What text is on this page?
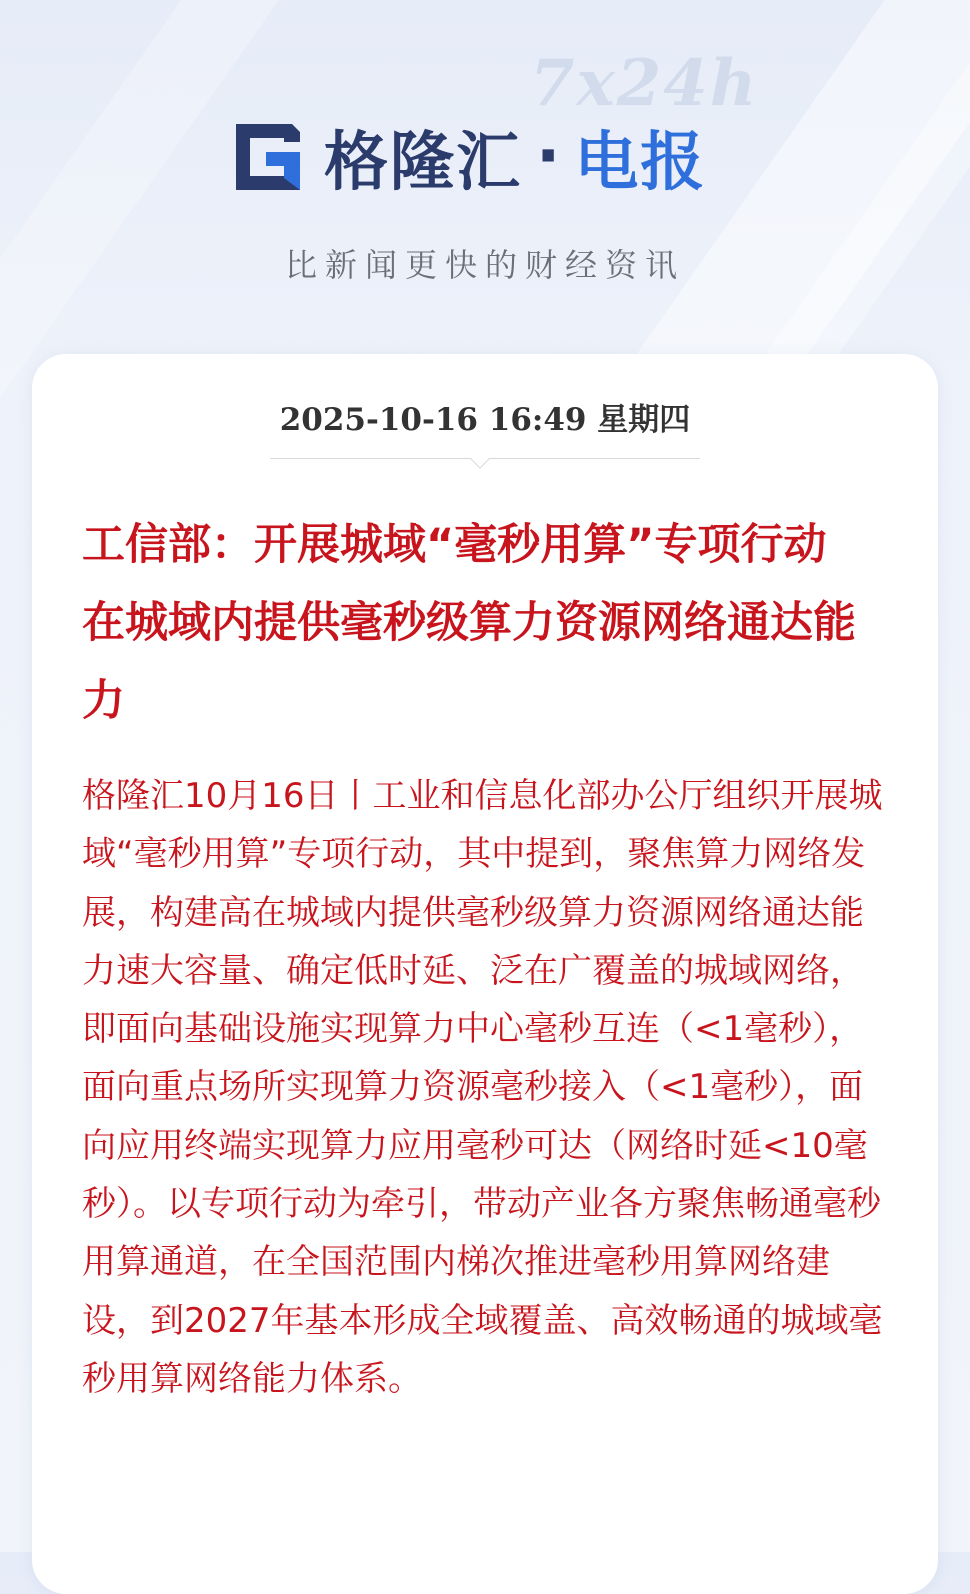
7x24h
格隆汇 · 电报
比新闻更快的财经资讯
2025-10-16 16:49 星期四

工信部：开展城域“毫秒用算”专项行动 在城域内提供毫秒级算力资源网络通达能力

格隆汇10月16日丨工业和信息化部办公厅组织开展城域“毫秒用算”专项行动，其中提到，聚焦算力网络发展，构建高在城域内提供毫秒级算力资源网络通达能力速大容量、确定低时延、泛在广覆盖的城域网络，即面向基础设施实现算力中心毫秒互连（<1毫秒），面向重点场所实现算力资源毫秒接入（<1毫秒），面向应用终端实现算力应用毫秒可达（网络时延<10毫秒）。以专项行动为牵引，带动产业各方聚焦畅通毫秒用算通道，在全国范围内梯次推进毫秒用算网络建设，到2027年基本形成全域覆盖、高效畅通的城域毫秒用算网络能力体系。
